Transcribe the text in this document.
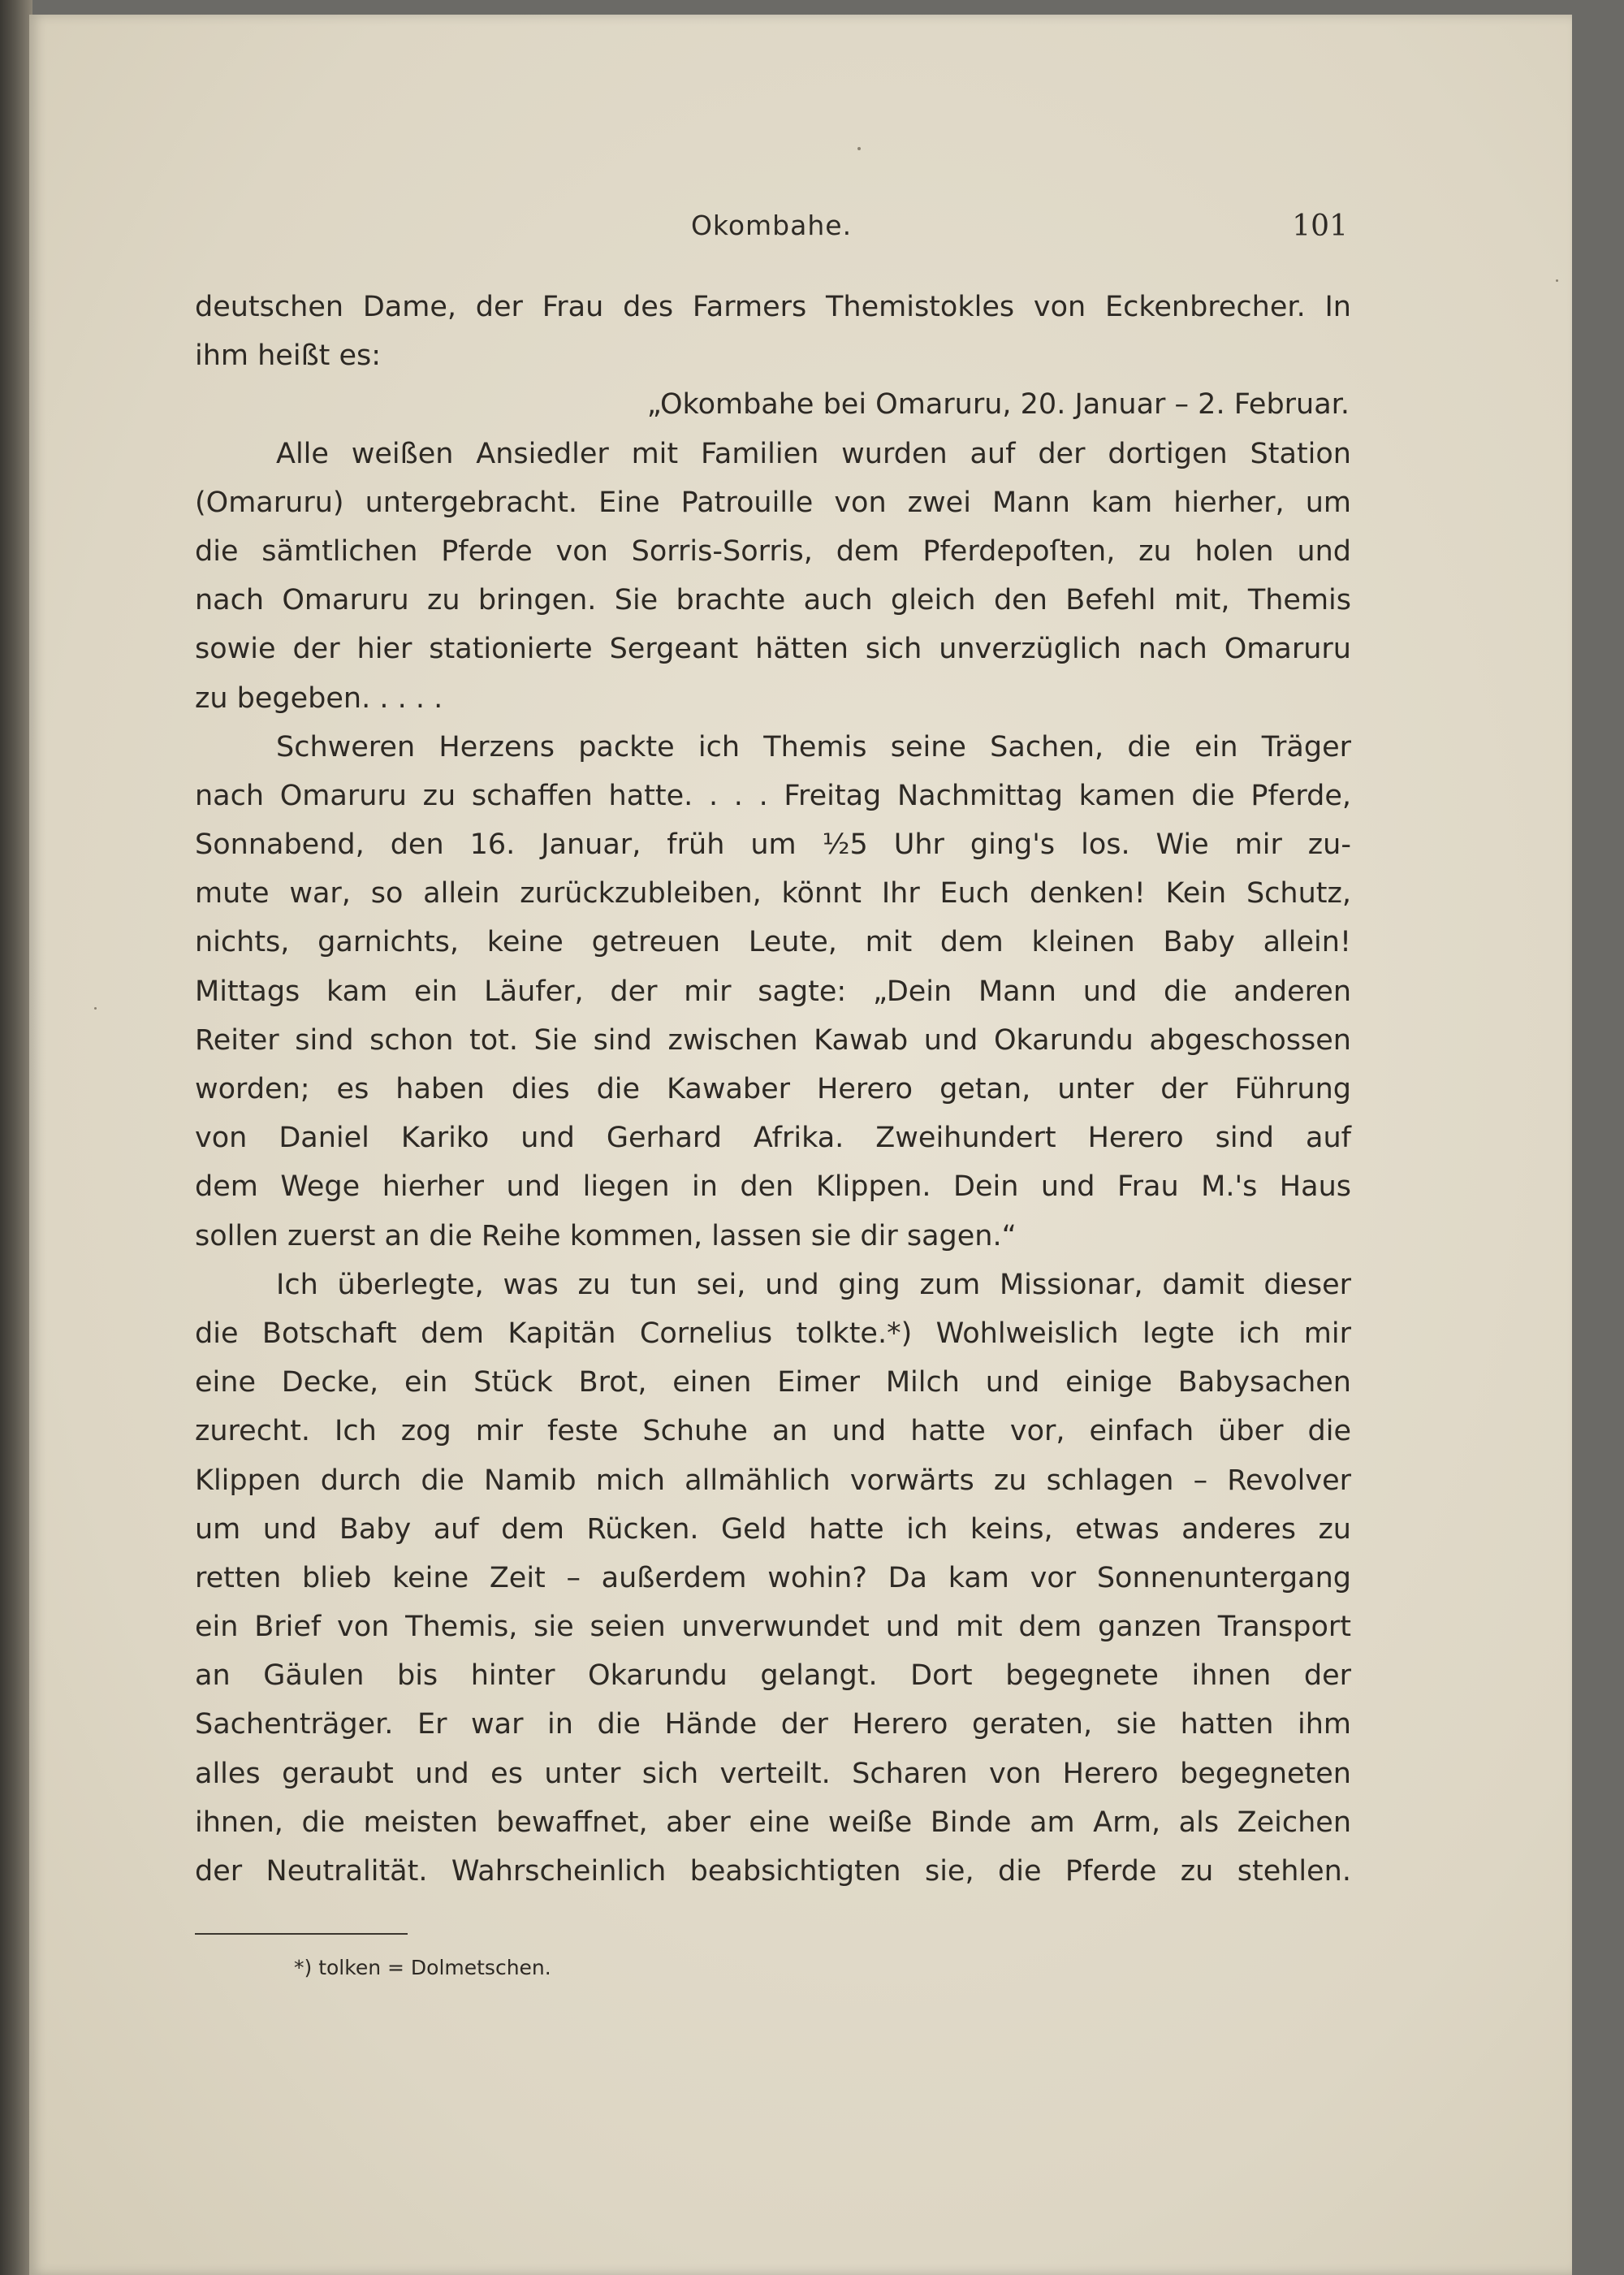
Okombahe.	101
deutschen Dame, der Frau des Farmers Themistokles von Eckenbrecher. In
ihm heißt es:
„Okombahe bei Omaruru, 20. Januar – 2. Februar.
Alle weißen Ansiedler mit Familien wurden auf der dortigen Station
(Omaruru) untergebracht. Eine Patrouille von zwei Mann kam hierher, um
die sämtlichen Pferde von Sorris-Sorris, dem Pferdepoſten, zu holen und
nach Omaruru zu bringen. Sie brachte auch gleich den Befehl mit, Themis
sowie der hier stationierte Sergeant hätten sich unverzüglich nach Omaruru
zu begeben. . . . .
Schweren Herzens packte ich Themis seine Sachen, die ein Träger
nach Omaruru zu schaffen hatte. . . . Freitag Nachmittag kamen die Pferde,
Sonnabend, den 16. Januar, früh um ½5 Uhr ging's los. Wie mir zu-
mute war, so allein zurückzubleiben, könnt Ihr Euch denken! Kein Schutz,
nichts, garnichts, keine getreuen Leute, mit dem kleinen Baby allein!
Mittags kam ein Läufer, der mir sagte: „Dein Mann und die anderen
Reiter sind schon tot. Sie sind zwischen Kawab und Okarundu abgeschossen
worden; es haben dies die Kawaber Herero getan, unter der Führung
von Daniel Kariko und Gerhard Afrika. Zweihundert Herero sind auf
dem Wege hierher und liegen in den Klippen. Dein und Frau M.'s Haus
sollen zuerst an die Reihe kommen, lassen sie dir sagen.“
Ich überlegte, was zu tun sei, und ging zum Missionar, damit dieser
die Botschaft dem Kapitän Cornelius tolkte.*) Wohlweislich legte ich mir
eine Decke, ein Stück Brot, einen Eimer Milch und einige Babysachen
zurecht. Ich zog mir feste Schuhe an und hatte vor, einfach über die
Klippen durch die Namib mich allmählich vorwärts zu schlagen – Revolver
um und Baby auf dem Rücken. Geld hatte ich keins, etwas anderes zu
retten blieb keine Zeit – außerdem wohin? Da kam vor Sonnenuntergang
ein Brief von Themis, sie seien unverwundet und mit dem ganzen Transport
an Gäulen bis hinter Okarundu gelangt. Dort begegnete ihnen der
Sachenträger. Er war in die Hände der Herero geraten, sie hatten ihm
alles geraubt und es unter sich verteilt. Scharen von Herero begegneten
ihnen, die meisten bewaffnet, aber eine weiße Binde am Arm, als Zeichen
der Neutralität. Wahrscheinlich beabsichtigten sie, die Pferde zu stehlen.
*) tolken = Dolmetschen.
